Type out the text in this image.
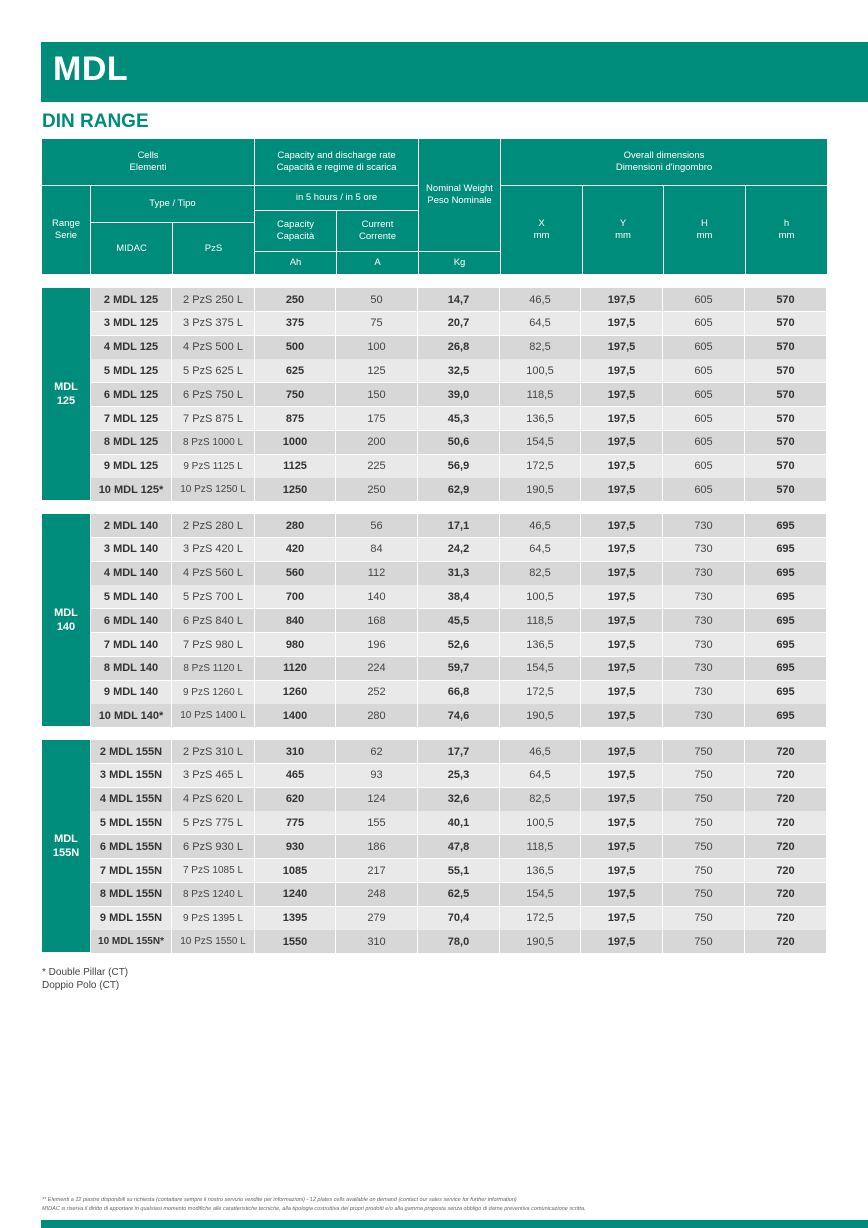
MDL
DIN RANGE
Cells
Elementi
Capacity and discharge rate
Capacità e regime di scarica
Nominal Weight
Peso Nominale
Overall dimensions
Dimensioni d'ingombro
Range
Serie
Type / Tipo
MIDAC	PzS
in 5 hours / in 5 ore
Capacity
Capacità
Current
Corrente
Ah	A	Kg
X
mm
Y
mm
H
mm
h
mm
MDL
125
2 MDL 125	2 PzS 250 L	250	50	14,7	46,5	197,5	605	570
3 MDL 125	3 PzS 375 L	375	75	20,7	64,5	197,5	605	570
4 MDL 125	4 PzS 500 L	500	100	26,8	82,5	197,5	605	570
5 MDL 125	5 PzS 625 L	625	125	32,5	100,5	197,5	605	570
6 MDL 125	6 PzS 750 L	750	150	39,0	118,5	197,5	605	570
7 MDL 125	7 PzS 875 L	875	175	45,3	136,5	197,5	605	570
8 MDL 125	8 PzS 1000 L	1000	200	50,6	154,5	197,5	605	570
9 MDL 125	9 PzS 1125 L	1125	225	56,9	172,5	197,5	605	570
10 MDL 125*	10 PzS 1250 L	1250	250	62,9	190,5	197,5	605	570
MDL
140
2 MDL 140	2 PzS 280 L	280	56	17,1	46,5	197,5	730	695
3 MDL 140	3 PzS 420 L	420	84	24,2	64,5	197,5	730	695
4 MDL 140	4 PzS 560 L	560	112	31,3	82,5	197,5	730	695
5 MDL 140	5 PzS 700 L	700	140	38,4	100,5	197,5	730	695
6 MDL 140	6 PzS 840 L	840	168	45,5	118,5	197,5	730	695
7 MDL 140	7 PzS 980 L	980	196	52,6	136,5	197,5	730	695
8 MDL 140	8 PzS 1120 L	1120	224	59,7	154,5	197,5	730	695
9 MDL 140	9 PzS 1260 L	1260	252	66,8	172,5	197,5	730	695
10 MDL 140*	10 PzS 1400 L	1400	280	74,6	190,5	197,5	730	695
MDL
155N
2 MDL 155N	2 PzS 310 L	310	62	17,7	46,5	197,5	750	720
3 MDL 155N	3 PzS 465 L	465	93	25,3	64,5	197,5	750	720
4 MDL 155N	4 PzS 620 L	620	124	32,6	82,5	197,5	750	720
5 MDL 155N	5 PzS 775 L	775	155	40,1	100,5	197,5	750	720
6 MDL 155N	6 PzS 930 L	930	186	47,8	118,5	197,5	750	720
7 MDL 155N	7 PzS 1085 L	1085	217	55,1	136,5	197,5	750	720
8 MDL 155N	8 PzS 1240 L	1240	248	62,5	154,5	197,5	750	720
9 MDL 155N	9 PzS 1395 L	1395	279	70,4	172,5	197,5	750	720
10 MDL 155N*	10 PzS 1550 L	1550	310	78,0	190,5	197,5	750	720
* Double Pillar (CT)
Doppio Polo (CT)
** Elementi a 12 piastre disponibili su richiesta (contattare sempre il nostro servizio vendite per informazioni) - 12 plates cells available on demand (contact our sales service for further information)
MIDAC si riserva il diritto di apportare in qualsiasi momento modifiche alle caratteristiche tecniche, alla tipologia costruttiva dei propri prodotti e/o alla gamma proposta senza obbligo di darne preventiva comunicazione scritta.
